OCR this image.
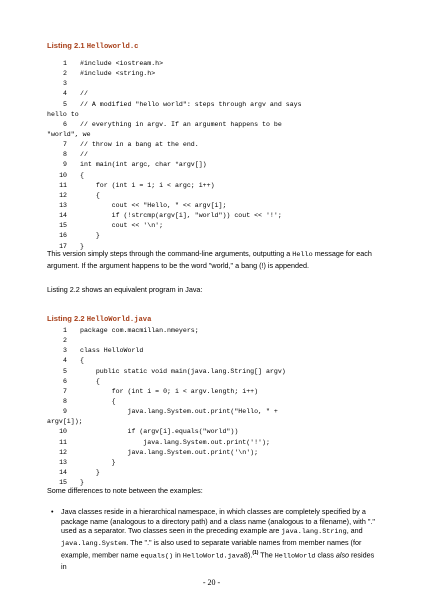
Listing 2.1 Helloworld.c
1	#include <iostream.h>
2	#include <string.h>
3
4	//
5	// A modified "hello world": steps through argv and says
hello to
6	// everything in argv. If an argument happens to be
"world", we
7	// throw in a bang at the end.
8	//
9	int main(int argc, char *argv[])
10	{
11	for (int i = 1; i < argc; i++)
12	{
13	cout << "Hello, " << argv[i];
14	if (!strcmp(argv[i], "world")) cout << '!';
15	cout << '\n';
16	}
17	}
This version simply steps through the command-line arguments, outputting a Hello message for each argument. If the argument happens to be the word "world," a bang (!) is appended.
Listing 2.2 shows an equivalent program in Java:
Listing 2.2 HelloWorld.java
1	package com.macmillan.nmeyers;
2
3	class HelloWorld
4	{
5	public static void main(java.lang.String[] argv)
6	{
7	for (int i = 0; i < argv.length; i++)
8	{
9	java.lang.System.out.print("Hello, " +
argv[i]);
10	if (argv[i].equals("world"))
11	java.lang.System.out.print('!');
12	java.lang.System.out.print('\n');
13	}
14	}
15	}
Some differences to note between the examples:
• Java classes reside in a hierarchical namespace, in which classes are completely specified by a package name (analogous to a directory path) and a class name (analogous to a filename), with "." used as a separator. Two classes seen in the preceding example are java.lang.String, and java.lang.System. The "." is also used to separate variable names from member names (for example, member name equals() in HelloWorld.java8).$^{(1)}$ The HelloWorld class also resides in
- 20 -
